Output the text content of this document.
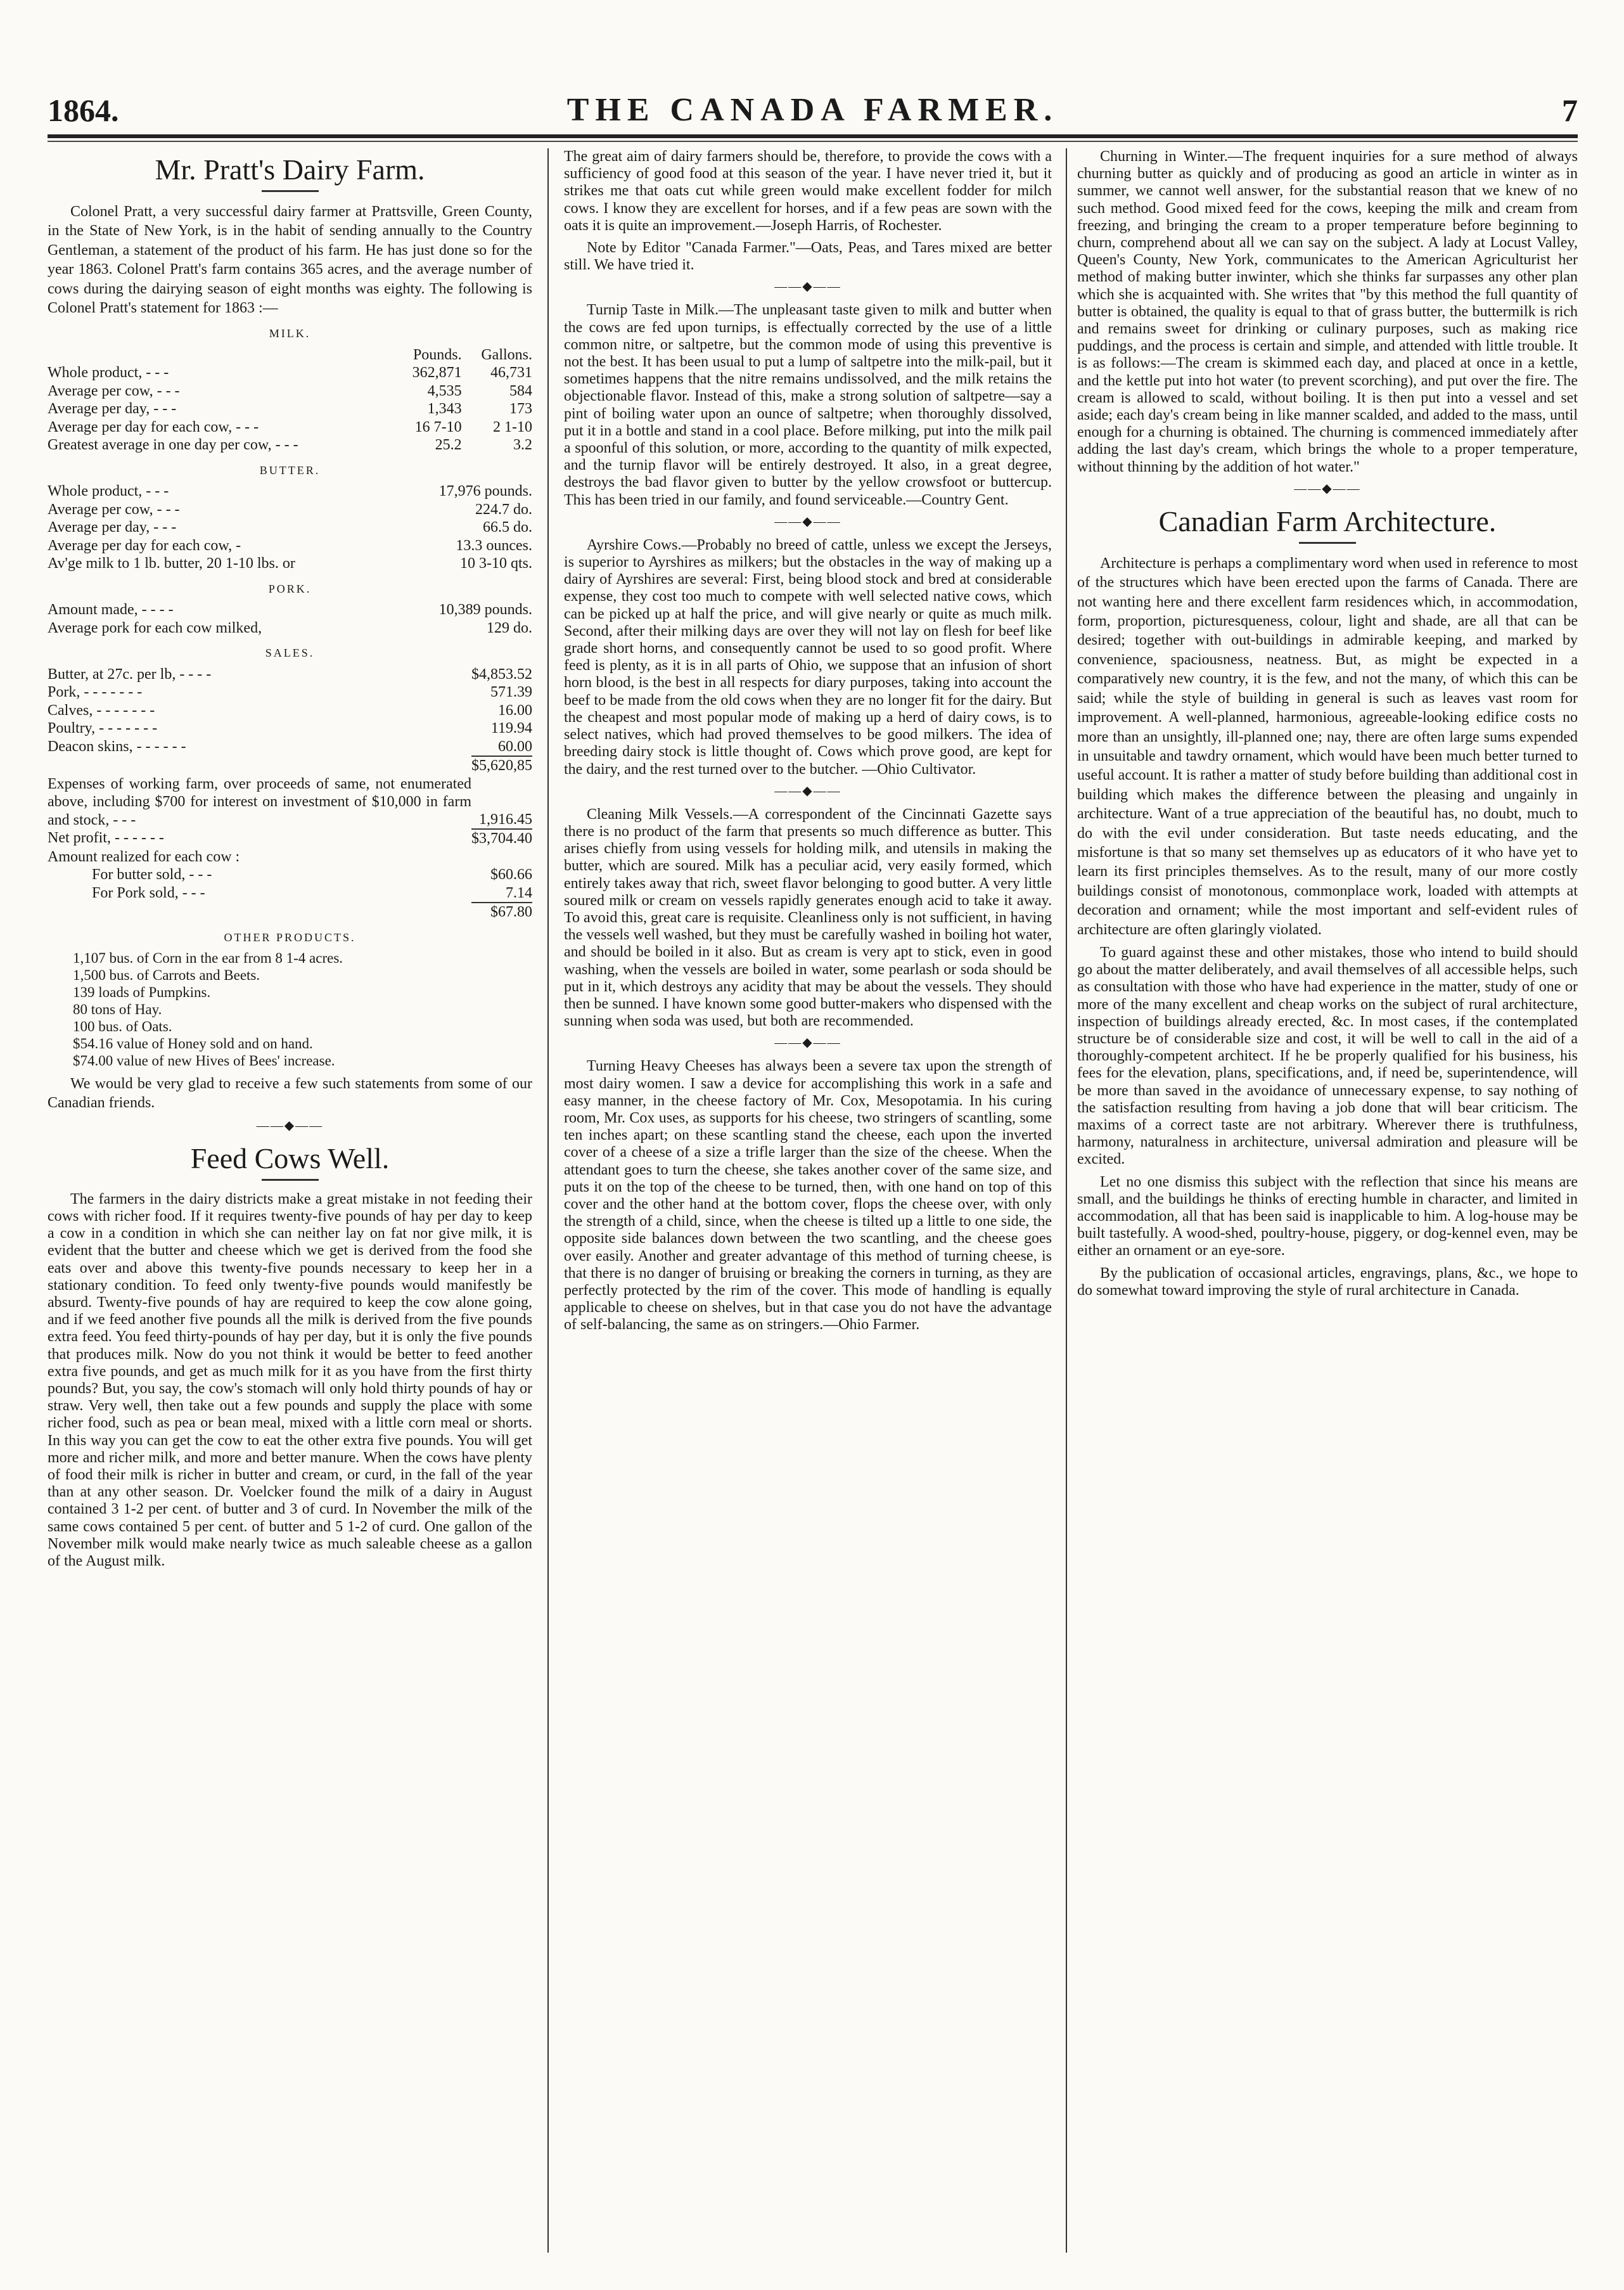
THE CANADA FARMER.
1864.	7
Mr. Pratt's Dairy Farm.

Colonel Pratt, a very successful dairy farmer at Prattsville, Green County, in the State of New York, is in the habit of sending annually to the Country Gentleman, a statement of the product of his farm. He has just done so for the year 1863. Colonel Pratt's farm contains 365 acres, and the average number of cows during the dairying season of eight months was eighty. The following is Colonel Pratt's statement for 1863 :—

MILK.
	Pounds.	Gallons.
Whole product, - - -	362,871	46,731
Average per cow, - - -	4,535	584
Average per day, - - -	1,343	173
Average per day for each cow, - - -	16 7-10	2 1-10
Greatest average in one day per cow, - - -	25.2	3.2
BUTTER.
Whole product, - - -	17,976 pounds.
Average per cow, - - -	224.7 do.
Average per day, - - -	66.5 do.
Average per day for each cow, -	13.3 ounces.
Av'ge milk to 1 lb. butter, 20 1-10 lbs. or	10 3-10 qts.
PORK.
Amount made, - - - -	10,389 pounds.
Average pork for each cow milked,	129 do.
SALES.
Butter, at 27c. per lb, - - - -	$4,853.52
Pork, - - - - - - -	571.39
Calves, - - - - - - -	16.00
Poultry, - - - - - - -	119.94
Deacon skins, - - - - - -	60.00
	$5,620,85
Expenses of working farm, over proceeds of same, not enumerated above, including $700 for interest on investment of $10,000 in farm and stock, - - -	1,916.45
Net profit, - - - - - -	$3,704.40
Amount realized for each cow :	
For butter sold, - - -	$60.66
For Pork sold, - - -	7.14
	$67.80
OTHER PRODUCTS.
1,107 bus. of Corn in the ear from 8 1-4 acres.
1,500 bus. of Carrots and Beets.
139 loads of Pumpkins.
80 tons of Hay.
100 bus. of Oats.
$54.16 value of Honey sold and on hand.
$74.00 value of new Hives of Bees' increase.

We would be very glad to receive a few such statements from some of our Canadian friends.

——◆——
Feed Cows Well.

The farmers in the dairy districts make a great mistake in not feeding their cows with richer food. If it requires twenty-five pounds of hay per day to keep a cow in a condition in which she can neither lay on fat nor give milk, it is evident that the butter and cheese which we get is derived from the food she eats over and above this twenty-five pounds necessary to keep her in a stationary condition. To feed only twenty-five pounds would manifestly be absurd. Twenty-five pounds of hay are required to keep the cow alone going, and if we feed another five pounds all the milk is derived from the five pounds extra feed. You feed thirty-pounds of hay per day, but it is only the five pounds that produces milk. Now do you not think it would be better to feed another extra five pounds, and get as much milk for it as you have from the first thirty pounds? But, you say, the cow's stomach will only hold thirty pounds of hay or straw. Very well, then take out a few pounds and supply the place with some richer food, such as pea or bean meal, mixed with a little corn meal or shorts. In this way you can get the cow to eat the other extra five pounds. You will get more and richer milk, and more and better manure. When the cows have plenty of food their milk is richer in butter and cream, or curd, in the fall of the year than at any other season. Dr. Voelcker found the milk of a dairy in August contained 3 1-2 per cent. of butter and 3 of curd. In November the milk of the same cows contained 5 per cent. of butter and 5 1-2 of curd. One gallon of the November milk would make nearly twice as much saleable cheese as a gallon of the August milk.

The great aim of dairy farmers should be, therefore, to provide the cows with a sufficiency of good food at this season of the year. I have never tried it, but it strikes me that oats cut while green would make excellent fodder for milch cows. I know they are excellent for horses, and if a few peas are sown with the oats it is quite an improvement.—Joseph Harris, of Rochester.

Note by Editor "Canada Farmer."—Oats, Peas, and Tares mixed are better still. We have tried it.

——◆——

Turnip Taste in Milk.—The unpleasant taste given to milk and butter when the cows are fed upon turnips, is effectually corrected by the use of a little common nitre, or saltpetre, but the common mode of using this preventive is not the best. It has been usual to put a lump of saltpetre into the milk-pail, but it sometimes happens that the nitre remains undissolved, and the milk retains the objectionable flavor. Instead of this, make a strong solution of saltpetre—say a pint of boiling water upon an ounce of saltpetre; when thoroughly dissolved, put it in a bottle and stand in a cool place. Before milking, put into the milk pail a spoonful of this solution, or more, according to the quantity of milk expected, and the turnip flavor will be entirely destroyed. It also, in a great degree, destroys the bad flavor given to butter by the yellow crowsfoot or buttercup. This has been tried in our family, and found serviceable.—Country Gent.

——◆——

Ayrshire Cows.—Probably no breed of cattle, unless we except the Jerseys, is superior to Ayrshires as milkers; but the obstacles in the way of making up a dairy of Ayrshires are several: First, being blood stock and bred at considerable expense, they cost too much to compete with well selected native cows, which can be picked up at half the price, and will give nearly or quite as much milk. Second, after their milking days are over they will not lay on flesh for beef like grade short horns, and consequently cannot be used to so good profit. Where feed is plenty, as it is in all parts of Ohio, we suppose that an infusion of short horn blood, is the best in all respects for diary purposes, taking into account the beef to be made from the old cows when they are no longer fit for the dairy. But the cheapest and most popular mode of making up a herd of dairy cows, is to select natives, which had proved themselves to be good milkers. The idea of breeding dairy stock is little thought of. Cows which prove good, are kept for the dairy, and the rest turned over to the butcher. —Ohio Cultivator.

——◆——

Cleaning Milk Vessels.—A correspondent of the Cincinnati Gazette says there is no product of the farm that presents so much difference as butter. This arises chiefly from using vessels for holding milk, and utensils in making the butter, which are soured. Milk has a peculiar acid, very easily formed, which entirely takes away that rich, sweet flavor belonging to good butter. A very little soured milk or cream on vessels rapidly generates enough acid to take it away. To avoid this, great care is requisite. Cleanliness only is not sufficient, in having the vessels well washed, but they must be carefully washed in boiling hot water, and should be boiled in it also. But as cream is very apt to stick, even in good washing, when the vessels are boiled in water, some pearlash or soda should be put in it, which destroys any acidity that may be about the vessels. They should then be sunned. I have known some good butter-makers who dispensed with the sunning when soda was used, but both are recommended.

——◆——

Turning Heavy Cheeses has always been a severe tax upon the strength of most dairy women. I saw a device for accomplishing this work in a safe and easy manner, in the cheese factory of Mr. Cox, Mesopotamia. In his curing room, Mr. Cox uses, as supports for his cheese, two stringers of scantling, some ten inches apart; on these scantling stand the cheese, each upon the inverted cover of a cheese of a size a trifle larger than the size of the cheese. When the attendant goes to turn the cheese, she takes another cover of the same size, and puts it on the top of the cheese to be turned, then, with one hand on top of this cover and the other hand at the bottom cover, flops the cheese over, with only the strength of a child, since, when the cheese is tilted up a little to one side, the opposite side balances down between the two scantling, and the cheese goes over easily. Another and greater advantage of this method of turning cheese, is that there is no danger of bruising or breaking the corners in turning, as they are perfectly protected by the rim of the cover. This mode of handling is equally applicable to cheese on shelves, but in that case you do not have the advantage of self-balancing, the same as on stringers.—Ohio Farmer.

Churning in Winter.—The frequent inquiries for a sure method of always churning butter as quickly and of producing as good an article in winter as in summer, we cannot well answer, for the substantial reason that we knew of no such method. Good mixed feed for the cows, keeping the milk and cream from freezing, and bringing the cream to a proper temperature before beginning to churn, comprehend about all we can say on the subject. A lady at Locust Valley, Queen's County, New York, communicates to the American Agriculturist her method of making butter inwinter, which she thinks far surpasses any other plan which she is acquainted with. She writes that "by this method the full quantity of butter is obtained, the quality is equal to that of grass butter, the buttermilk is rich and remains sweet for drinking or culinary purposes, such as making rice puddings, and the process is certain and simple, and attended with little trouble. It is as follows:—The cream is skimmed each day, and placed at once in a kettle, and the kettle put into hot water (to prevent scorching), and put over the fire. The cream is allowed to scald, without boiling. It is then put into a vessel and set aside; each day's cream being in like manner scalded, and added to the mass, until enough for a churning is obtained. The churning is commenced immediately after adding the last day's cream, which brings the whole to a proper temperature, without thinning by the addition of hot water."

——◆——
Canadian Farm Architecture.

Architecture is perhaps a complimentary word when used in reference to most of the structures which have been erected upon the farms of Canada. There are not wanting here and there excellent farm residences which, in accommodation, form, proportion, picturesqueness, colour, light and shade, are all that can be desired; together with out-buildings in admirable keeping, and marked by convenience, spaciousness, neatness. But, as might be expected in a comparatively new country, it is the few, and not the many, of which this can be said; while the style of building in general is such as leaves vast room for improvement. A well-planned, harmonious, agreeable-looking edifice costs no more than an unsightly, ill-planned one; nay, there are often large sums expended in unsuitable and tawdry ornament, which would have been much better turned to useful account. It is rather a matter of study before building than additional cost in building which makes the difference between the pleasing and ungainly in architecture. Want of a true appreciation of the beautiful has, no doubt, much to do with the evil under consideration. But taste needs educating, and the misfortune is that so many set themselves up as educators of it who have yet to learn its first principles themselves. As to the result, many of our more costly buildings consist of monotonous, commonplace work, loaded with attempts at decoration and ornament; while the most important and self-evident rules of architecture are often glaringly violated.

To guard against these and other mistakes, those who intend to build should go about the matter deliberately, and avail themselves of all accessible helps, such as consultation with those who have had experience in the matter, study of one or more of the many excellent and cheap works on the subject of rural architecture, inspection of buildings already erected, &c. In most cases, if the contemplated structure be of considerable size and cost, it will be well to call in the aid of a thoroughly-competent architect. If he be properly qualified for his business, his fees for the elevation, plans, specifications, and, if need be, superintendence, will be more than saved in the avoidance of unnecessary expense, to say nothing of the satisfaction resulting from having a job done that will bear criticism. The maxims of a correct taste are not arbitrary. Wherever there is truthfulness, harmony, naturalness in architecture, universal admiration and pleasure will be excited.

Let no one dismiss this subject with the reflection that since his means are small, and the buildings he thinks of erecting humble in character, and limited in accommodation, all that has been said is inapplicable to him. A log-house may be built tastefully. A wood-shed, poultry-house, piggery, or dog-kennel even, may be either an ornament or an eye-sore.

By the publication of occasional articles, engravings, plans, &c., we hope to do somewhat toward improving the style of rural architecture in Canada.
